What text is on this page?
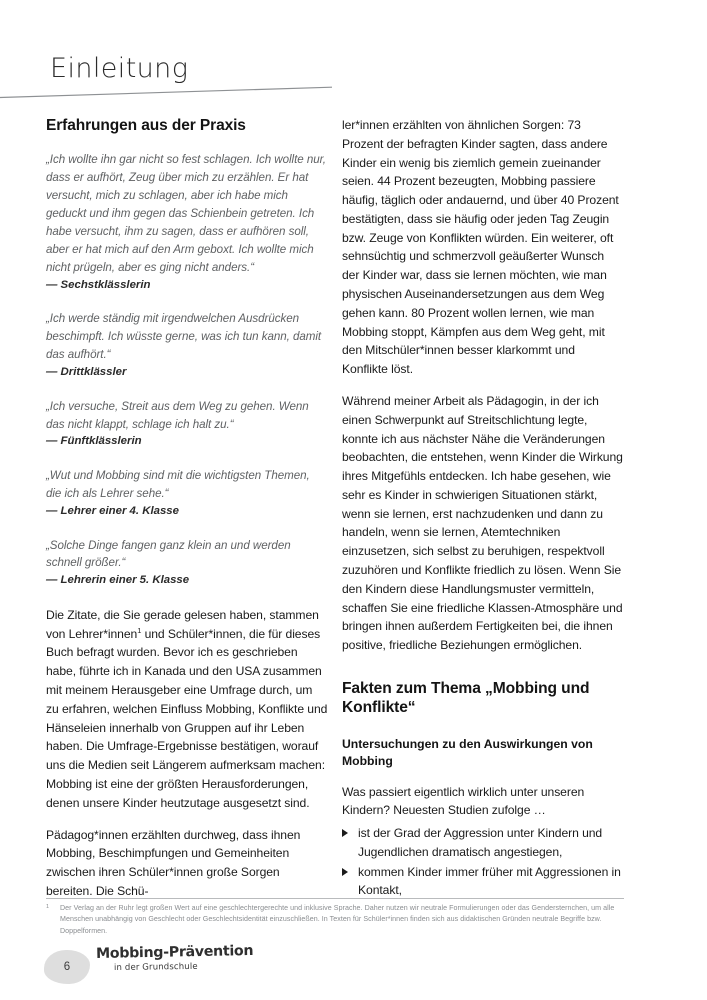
Einleitung
Erfahrungen aus der Praxis

„Ich wollte ihn gar nicht so fest schlagen. Ich wollte nur, dass er aufhört, Zeug über mich zu erzählen. Er hat versucht, mich zu schlagen, aber ich habe mich geduckt und ihm gegen das Schienbein getreten. Ich habe versucht, ihm zu sagen, dass er aufhören soll, aber er hat mich auf den Arm geboxt. Ich wollte mich nicht prügeln, aber es ging nicht anders.“

— Sechstklässlerin

„Ich werde ständig mit irgendwelchen Ausdrücken beschimpft. Ich wüsste gerne, was ich tun kann, damit das aufhört.“

— Drittklässler

„Ich versuche, Streit aus dem Weg zu gehen. Wenn das nicht klappt, schlage ich halt zu.“

— Fünftklässlerin

„Wut und Mobbing sind mit die wichtigsten Themen, die ich als Lehrer sehe.“

— Lehrer einer 4. Klasse

„Solche Dinge fangen ganz klein an und werden schnell größer.“

— Lehrerin einer 5. Klasse

Die Zitate, die Sie gerade gelesen haben, stammen von Lehrer*innen$^1$ und Schüler*innen, die für dieses Buch befragt wurden. Bevor ich es geschrieben habe, führte ich in Kanada und den USA zusammen mit meinem Herausgeber eine Umfrage durch, um zu erfahren, welchen Einfluss Mobbing, Konflikte und Hänseleien innerhalb von Gruppen auf ihr Leben haben. Die Umfrage-Ergebnisse bestätigen, worauf uns die Medien seit Längerem aufmerksam machen: Mobbing ist eine der größten Herausforderungen, denen unsere Kinder heutzutage ausgesetzt sind.

Pädagog*innen erzählten durchweg, dass ihnen Mobbing, Beschimpfungen und Gemeinheiten zwischen ihren Schüler*innen große Sorgen bereiten. Die Schü-

ler*innen erzählten von ähnlichen Sorgen: 73 Prozent der befragten Kinder sagten, dass andere Kinder ein wenig bis ziemlich gemein zueinander seien. 44 Prozent bezeugten, Mobbing passiere häufig, täglich oder andauernd, und über 40 Prozent bestätigten, dass sie häufig oder jeden Tag Zeugin bzw. Zeuge von Konflikten würden. Ein weiterer, oft sehnsüchtig und schmerzvoll geäußerter Wunsch der Kinder war, dass sie lernen möchten, wie man physischen Auseinandersetzungen aus dem Weg gehen kann. 80 Prozent wollen lernen, wie man Mobbing stoppt, Kämpfen aus dem Weg geht, mit den Mitschüler*innen besser klarkommt und Konflikte löst.

Während meiner Arbeit als Pädagogin, in der ich einen Schwerpunkt auf Streitschlichtung legte, konnte ich aus nächster Nähe die Veränderungen beobachten, die entstehen, wenn Kinder die Wirkung ihres Mitgefühls entdecken. Ich habe gesehen, wie sehr es Kinder in schwierigen Situationen stärkt, wenn sie lernen, erst nachzudenken und dann zu handeln, wenn sie lernen, Atemtechniken einzusetzen, sich selbst zu beruhigen, respektvoll zuzuhören und Konflikte friedlich zu lösen. Wenn Sie den Kindern diese Handlungsmuster vermitteln, schaffen Sie eine friedliche Klassen-Atmosphäre und bringen ihnen außerdem Fertigkeiten bei, die ihnen positive, friedliche Beziehungen ermöglichen.

Fakten zum Thema „Mobbing und Konflikte“
Untersuchungen zu den Auswirkungen von Mobbing

Was passiert eigentlich wirklich unter unseren Kindern? Neuesten Studien zufolge …

ist der Grad der Aggression unter Kindern und Jugendlichen dramatisch angestiegen,
kommen Kinder immer früher mit Aggressionen in Kontakt,
1 Der Verlag an der Ruhr legt großen Wert auf eine geschlechtergerechte und inklusive Sprache. Daher nutzen wir neutrale Formulierungen oder das Gendersternchen, um alle Menschen unabhängig von Geschlecht oder Geschlechtsidentität einzuschließen. In Texten für Schüler*innen finden sich aus didaktischen Gründen neutrale Begriffe bzw. Doppelformen.
6
Mobbing-Prävention
in der Grundschule
